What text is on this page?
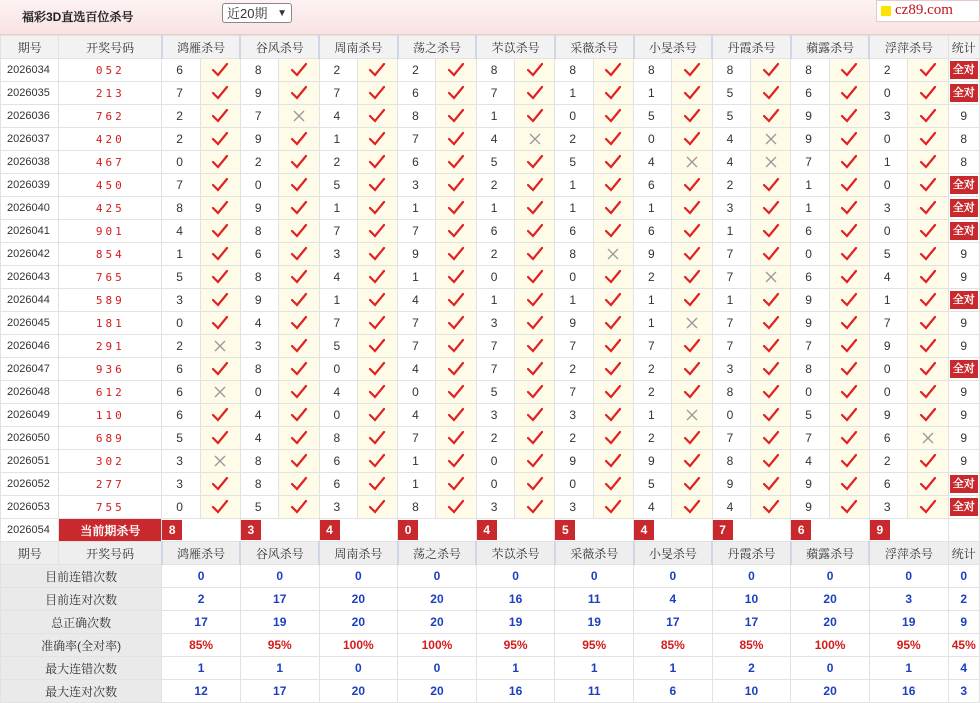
福彩3D直选百位杀号	近20期 ▼	cz89.com
期号	开奖号码	鸿雁杀号		谷风杀号		周南杀号		荡之杀号		芣苡杀号		采薇杀号		小旻杀号		丹霞杀号		蘋露杀号		浮萍杀号		统计
2026034	052	6		8		2		2		8		8		8		8		8		2		全对
2026035	213	7		9		7		6		7		1		1		5		6		0		全对
2026036	762	2		7		4		8		1		0		5		5		9		3		9
2026037	420	2		9		1		7		4		2		0		4		9		0		8
2026038	467	0		2		2		6		5		5		4		4		7		1		8
2026039	450	7		0		5		3		2		1		6		2		1		0		全对
2026040	425	8		9		1		1		1		1		1		3		1		3		全对
2026041	901	4		8		7		7		6		6		6		1		6		0		全对
2026042	854	1		6		3		9		2		8		9		7		0		5		9
2026043	765	5		8		4		1		0		0		2		7		6		4		9
2026044	589	3		9		1		4		1		1		1		1		9		1		全对
2026045	181	0		4		7		7		3		9		1		7		9		7		9
2026046	291	2		3		5		7		7		7		7		7		7		9		9
2026047	936	6		8		0		4		7		2		2		3		8		0		全对
2026048	612	6		0		4		0		5		7		2		8		0		0		9
2026049	110	6		4		0		4		3		3		1		0		5		9		9
2026050	689	5		4		8		7		2		2		2		7		7		6		9
2026051	302	3		8		6		1		0		9		9		8		4		2		9
2026052	277	3		8		6		1		0		0		5		9		9		6		全对
2026053	755	0		5		3		8		3		3		4		4		9		3		全对
2026054	当前期杀号	8		3		4		0		4		5		4		7		6		9		
期号	开奖号码	鸿雁杀号		谷风杀号		周南杀号		荡之杀号		芣苡杀号		采薇杀号		小旻杀号		丹霞杀号		蘋露杀号		浮萍杀号		统计
目前连错次数		0		0		0		0		0		0		0		0		0		0		0
目前连对次数		2		17		20		20		16		11		4		10		20		3		2
总正确次数		17		19		20		20		19		19		17		17		20		19		9
准确率(全对率)		85%		95%		100%		100%		95%		95%		85%		85%		100%		95%		45%
最大连错次数		1		1		0		0		1		1		1		2		0		1		4
最大连对次数		12		17		20		20		16		11		6		10		20		16		3
